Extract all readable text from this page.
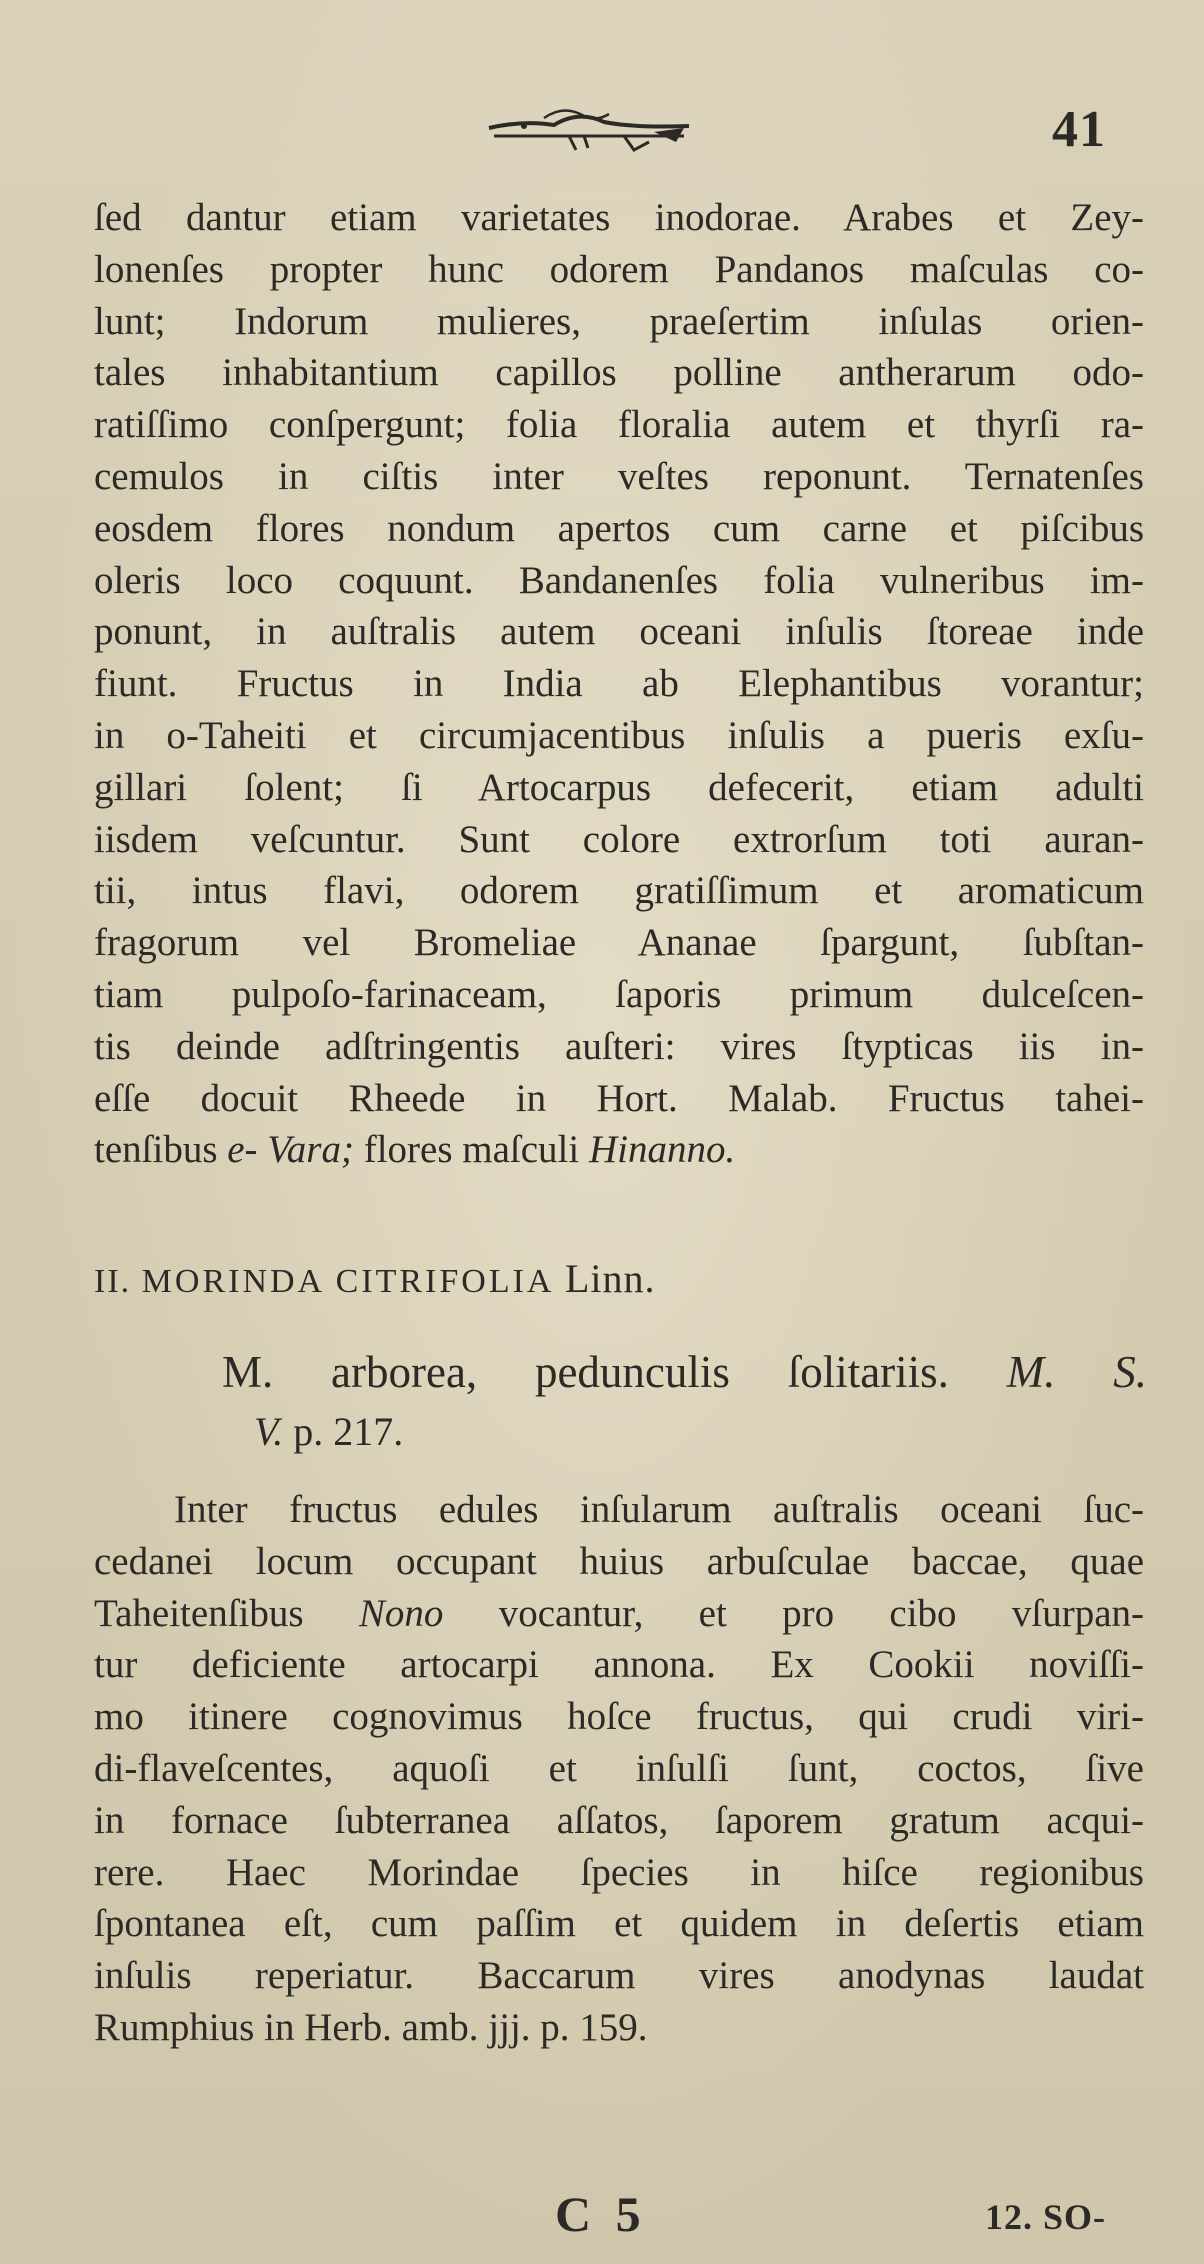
41
ſed dantur etiam varietates inodorae. Arabes et Zey-
lonenſes propter hunc odorem Pandanos maſculas co-
lunt; Indorum mulieres, praeſertim inſulas orien-
tales inhabitantium capillos polline antherarum odo-
ratiſſimo conſpergunt; folia floralia autem et thyrſi ra-
cemulos in ciſtis inter veſtes reponunt. Ternatenſes
eosdem flores nondum apertos cum carne et piſcibus
oleris loco coquunt. Bandanenſes folia vulneribus im-
ponunt, in auſtralis autem oceani inſulis ſtoreae inde
fiunt. Fructus in India ab Elephantibus vorantur;
in o-Taheiti et circumjacentibus inſulis a pueris exſu-
gillari ſolent; ſi Artocarpus defecerit, etiam adulti
iisdem veſcuntur. Sunt colore extrorſum toti auran-
tii, intus flavi, odorem gratiſſimum et aromaticum
fragorum vel Bromeliae Ananae ſpargunt, ſubſtan-
tiam pulpoſo-farinaceam, ſaporis primum dulceſcen-
tis deinde adſtringentis auſteri: vires ſtypticas iis in-
eſſe docuit Rheede in Hort. Malab. Fructus tahei-
tenſibus e- Vara; flores maſculi Hinanno.
II. MORINDA CITRIFOLIA Linn.
M. arborea, pedunculis ſolitariis. M. S.
V. p. 217.
Inter fructus edules inſularum auſtralis oceani ſuc-
cedanei locum occupant huius arbuſculae baccae, quae
Taheitenſibus Nono vocantur, et pro cibo vſurpan-
tur deficiente artocarpi annona. Ex Cookii noviſſi-
mo itinere cognovimus hoſce fructus, qui crudi viri-
di-flaveſcentes, aquoſi et inſulſi ſunt, coctos, ſive
in fornace ſubterranea aſſatos, ſaporem gratum acqui-
rere. Haec Morindae ſpecies in hiſce regionibus
ſpontanea eſt, cum paſſim et quidem in deſertis etiam
inſulis reperiatur. Baccarum vires anodynas laudat
Rumphius in Herb. amb. jjj. p. 159.
C 5	12. SO-
